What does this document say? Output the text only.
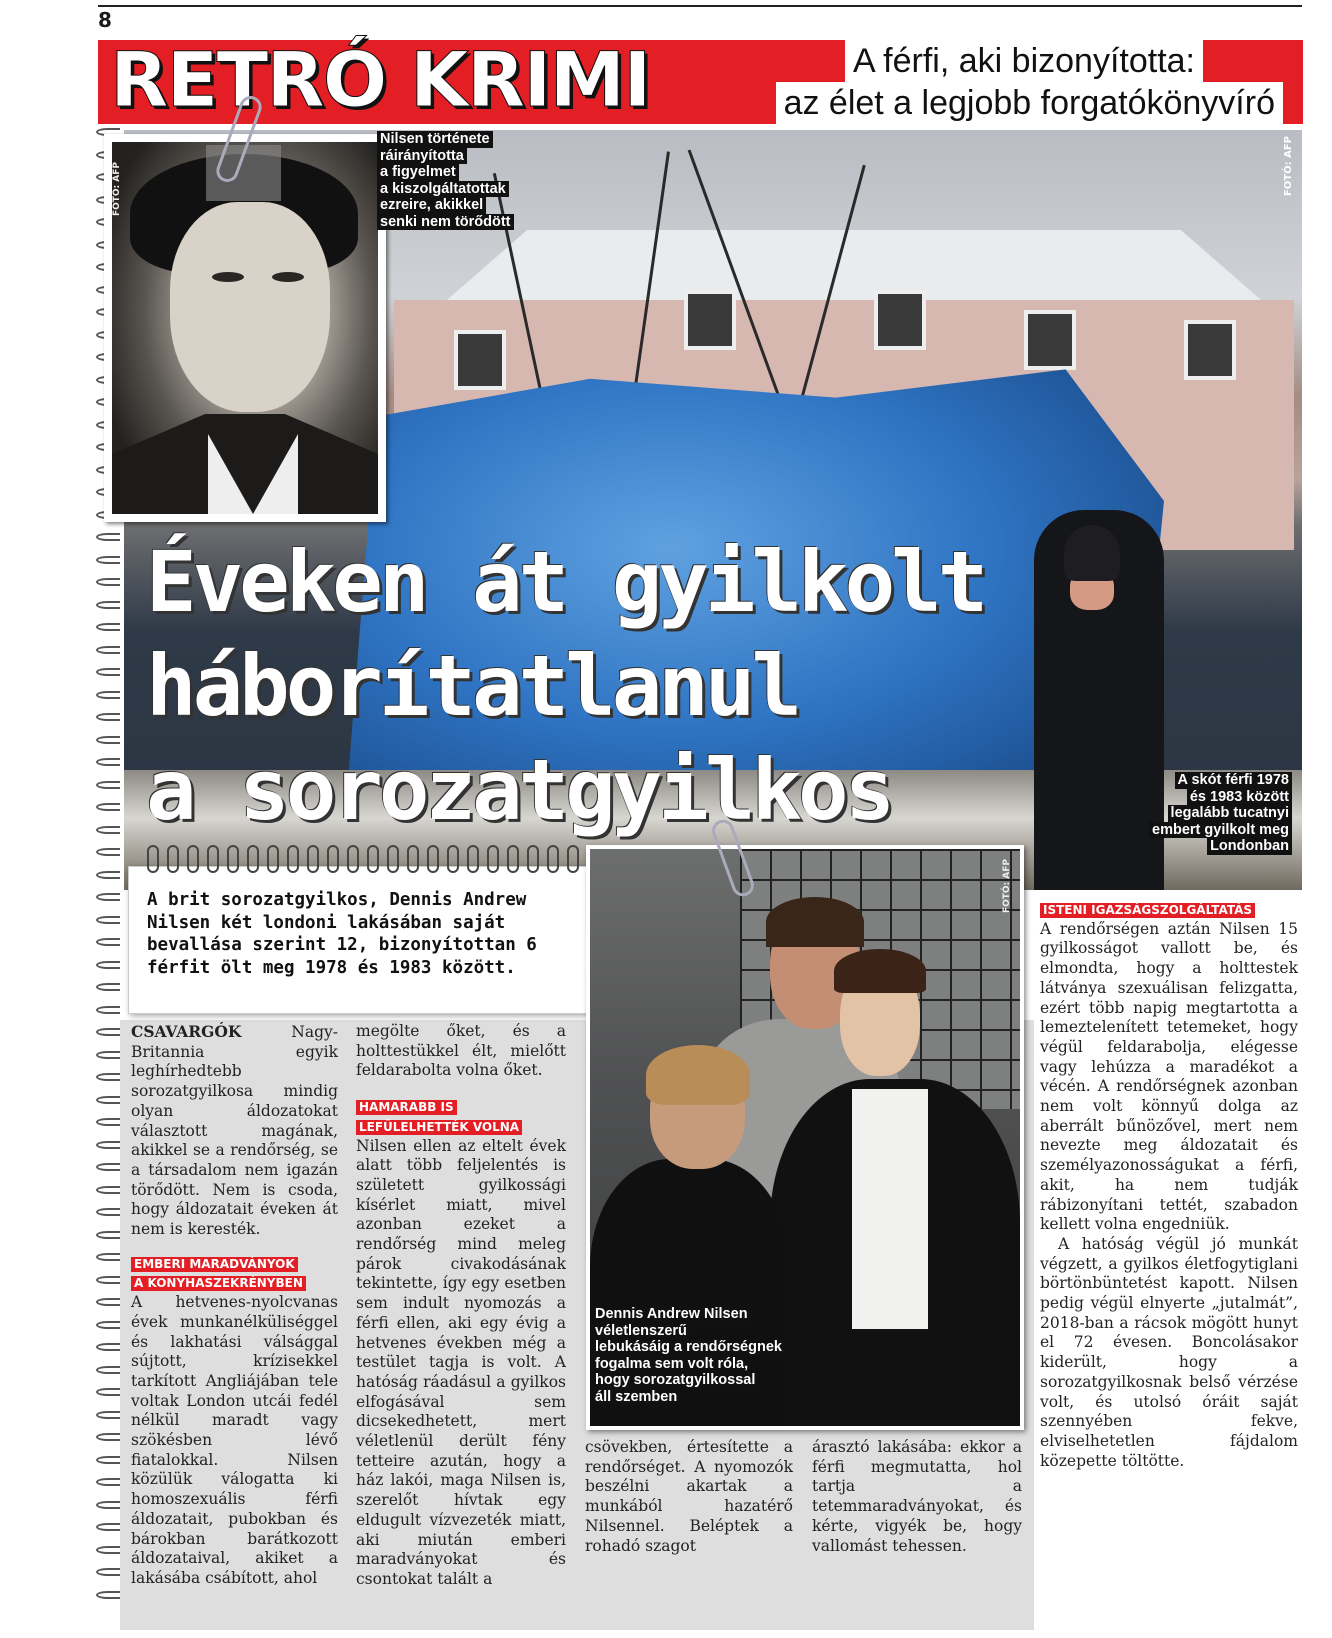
8
RETRÓ KRIMI	A férfi, aki bizonyította:
az élet a legjobb forgatókönyvíró
FOTÓ: AFP
FOTÓ: AFP
Nilsen története
ráirányította
a figyelmet
a kiszolgáltatottak
ezreire, akikkel
senki nem törődött

Éveken át gyilkolt
háborítatlanul
a sorozatgyilkos	A skót férfi 1978
és 1983 között
legalább tucatnyi
embert gyilkolt meg
Londonban

A brit sorozatgyilkos, Dennis Andrew Nilsen két londoni lakásában saját bevallása szerint 12, bizonyítottan 6 férfit ölt meg 1978 és 1983 között.

CSAVARGÓK Nagy-Britannia egyik leghírhedtebb sorozatgyilkosa mindig olyan áldozatokat választott magának, akikkel se a rendőrség, se a társadalom nem igazán törődött. Nem is csoda, hogy áldozatait éveken át nem is keresték.

EMBERI MARADVÁNYOK
A KONYHASZEKRÉNYBEN

A hetvenes-nyolcvanas évek munkanélküliséggel és lakhatási válsággal sújtott, krízisekkel tarkított Angliájában tele voltak London utcái fedél nélkül maradt vagy szökésben lévő fiatalokkal. Nilsen közülük válogatta ki homoszexuális férfi áldozatait, pubokban és bárokban barátkozott áldozataival, akiket a lakásába csábított, ahol

megölte őket, és a holttestükkel élt, mielőtt feldarabolta volna őket.

HAMARABB IS
LEFÜLELHETTÉK VOLNA

Nilsen ellen az eltelt évek alatt több feljelentés is született gyilkossági kísérlet miatt, mivel azonban ezeket a rendőrség mind meleg párok civakodásának tekintette, így egy esetben sem indult nyomozás a férfi ellen, aki egy évig a hetvenes években még a testület tagja is volt. A hatóság ráadásul a gyilkos elfogásával sem dicsekedhetett, mert véletlenül derült fény tetteire azután, hogy a ház lakói, maga Nilsen is, szerelőt hívtak egy eldugult vízvezeték miatt, aki miután emberi maradványokat és csontokat talált a

FOTÓ: AFP
Dennis Andrew Nilsen
véletlenszerű
lebukásáig a rendőrségnek
fogalma sem volt róla,
hogy sorozatgyilkossal
áll szemben

csövekben, értesítette a rendőrséget. A nyomozók beszélni akartak a munkából hazatérő Nilsennel. Beléptek a rohadó szagot

árasztó lakásába: ekkor a férfi megmutatta, hol tartja a tetemmaradványokat, és kérte, vigyék be, hogy vallomást tehessen.

ISTENI IGAZSÁGSZOLGÁLTATÁS

A rendőrségen aztán Nilsen 15 gyilkosságot vallott be, és elmondta, hogy a holttestek látványa szexuálisan felizgatta, ezért több napig megtartotta a lemeztelenített tetemeket, hogy végül feldarabolja, elégesse vagy lehúzza a maradékot a vécén. A rendőrségnek azonban nem volt könnyű dolga az aberrált bűnözővel, mert nem nevezte meg áldozatait és személyazonosságukat a férfi, akit, ha nem tudják rábizonyítani tettét, szabadon kellett volna engedniük.

A hatóság végül jó munkát végzett, a gyilkos életfogytiglani börtönbüntetést kapott. Nilsen pedig végül elnyerte „jutalmát”, 2018-ban a rácsok mögött hunyt el 72 évesen. Boncolásakor kiderült, hogy a sorozatgyilkosnak belső vérzése volt, és utolsó óráit saját szennyében fekve, elviselhetetlen fájdalom közepette töltötte.
